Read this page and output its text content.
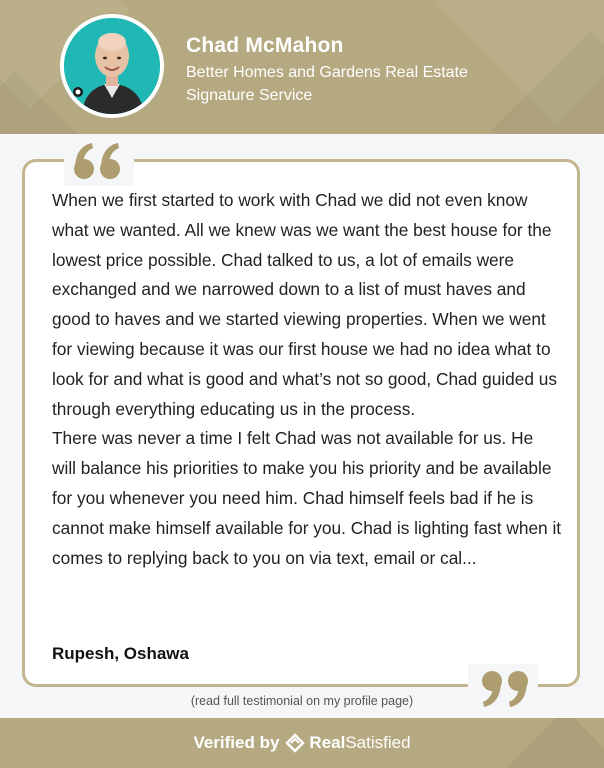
Chad McMahon
Better Homes and Gardens Real Estate
Signature Service

When we first started to work with Chad we did not even know what we wanted. All we knew was we want the best house for the lowest price possible. Chad talked to us, a lot of emails were exchanged and we narrowed down to a list of must haves and good to haves and we started viewing properties. When we went for viewing because it was our first house we had no idea what to look for and what is good and what’s not so good, Chad guided us through everything educating us in the process.

There was never a time I felt Chad was not available for us. He will balance his priorities to make you his priority and be available for you whenever you need him. Chad himself feels bad if he is cannot make himself available for you. Chad is lighting fast when it comes to replying back to you on via text, email or cal...

Rupesh, Oshawa
(read full testimonial on my profile page)
Verified by Real Satisfied
